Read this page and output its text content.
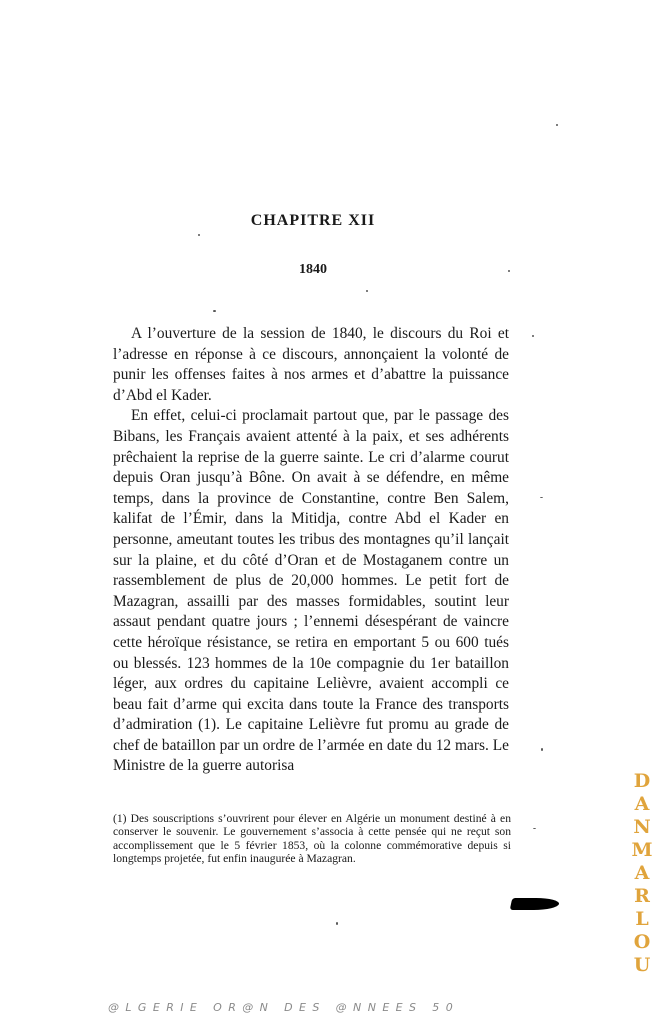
CHAPITRE XII
1840

A l’ouverture de la session de 1840, le discours du Roi et l’adresse en réponse à ce discours, annonçaient la volonté de punir les offenses faites à nos armes et d’abattre la puissance d’Abd el Kader.

En effet, celui-ci proclamait partout que, par le passage des Bibans, les Français avaient attenté à la paix, et ses adhérents prêchaient la reprise de la guerre sainte. Le cri d’alarme courut depuis Oran jusqu’à Bône. On avait à se défendre, en même temps, dans la province de Constantine, contre Ben Salem, kalifat de l’Émir, dans la Mitidja, contre Abd el Kader en personne, ameutant toutes les tribus des montagnes qu’il lançait sur la plaine, et du côté d’Oran et de Mostaganem contre un rassemblement de plus de 20,000 hommes. Le petit fort de Mazagran, assailli par des masses formidables, soutint leur assaut pendant quatre jours ; l’ennemi désespérant de vaincre cette héroïque résistance, se retira en emportant 5 ou 600 tués ou blessés. 123 hommes de la 10e compagnie du 1er bataillon léger, aux ordres du capitaine Lelièvre, avaient accompli ce beau fait d’arme qui excita dans toute la France des transports d’admiration (1). Le capitaine Lelièvre fut promu au grade de chef de bataillon par un ordre de l’armée en date du 12 mars. Le Ministre de la guerre autorisa

(1) Des souscriptions s’ouvrirent pour élever en Algérie un monument destiné à en conserver le souvenir. Le gouvernement s’associa à cette pensée qui ne reçut son accomplissement que le 5 février 1853, où la colonne commémorative depuis si longtemps projetée, fut enfin inaugurée à Mazagran.
D
A
N
M
A
R
L
O
U
@LGERIE OR@N DES @NNEES 50
